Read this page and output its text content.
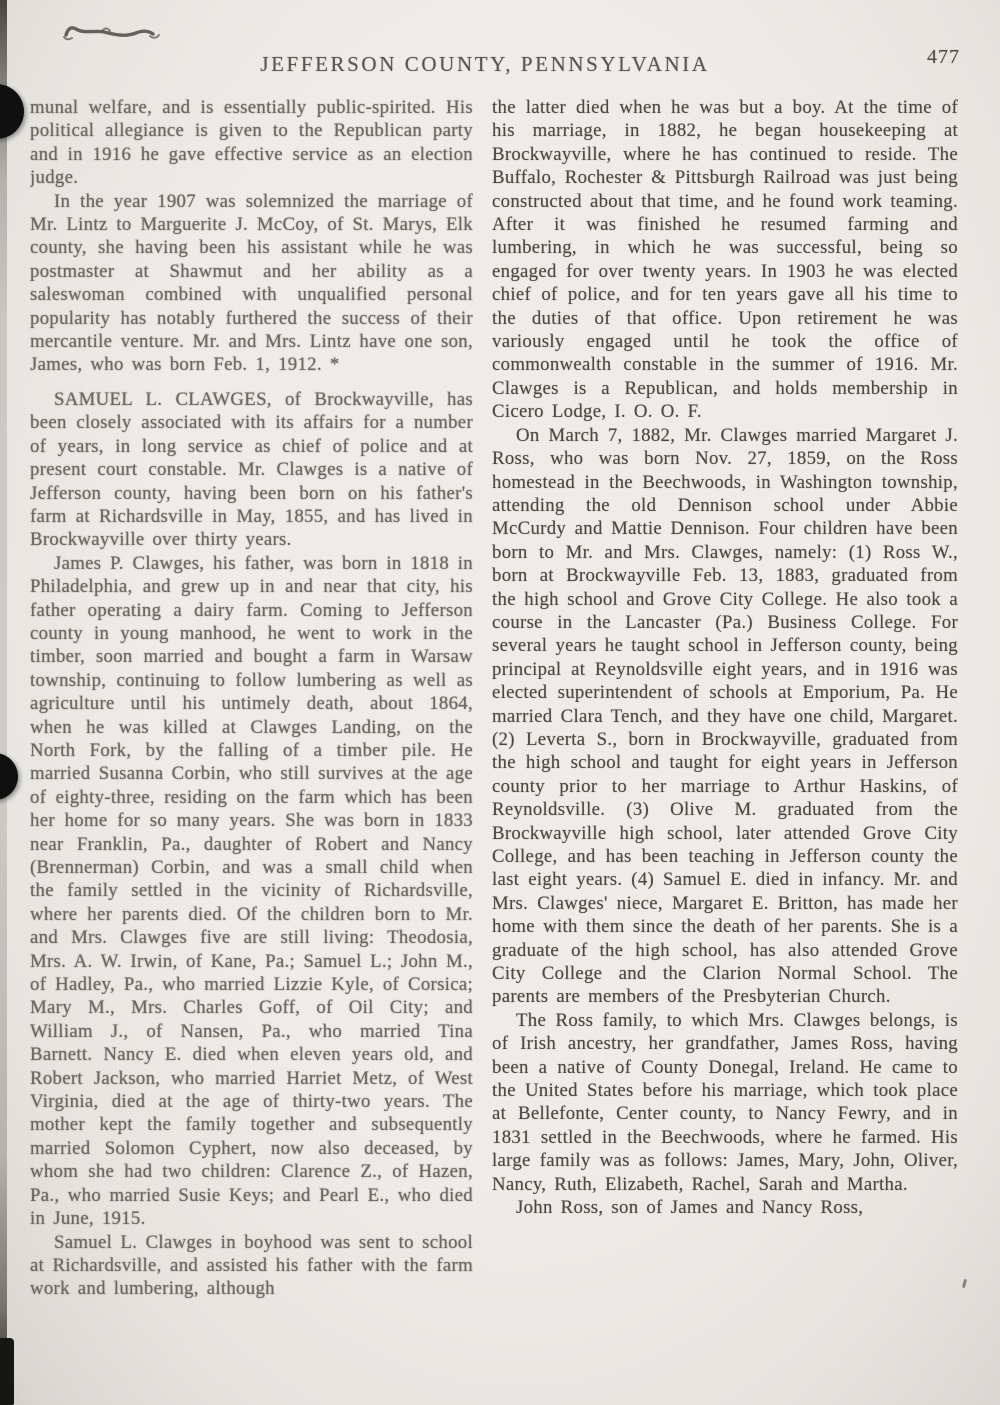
JEFFERSON COUNTY, PENNSYLVANIA	477

munal welfare, and is essentially public-spirited. His political allegiance is given to the Republican party and in 1916 he gave effective service as an election judge.

In the year 1907 was solemnized the marriage of Mr. Lintz to Marguerite J. McCoy, of St. Marys, Elk county, she having been his assistant while he was postmaster at Shawmut and her ability as a saleswoman combined with unqualified personal popularity has notably furthered the success of their mercantile venture. Mr. and Mrs. Lintz have one son, James, who was born Feb. 1, 1912. *

SAMUEL L. CLAWGES, of Brockwayville, has been closely associated with its affairs for a number of years, in long service as chief of police and at present court constable. Mr. Clawges is a native of Jefferson county, having been born on his father's farm at Richardsville in May, 1855, and has lived in Brockwayville over thirty years.

James P. Clawges, his father, was born in 1818 in Philadelphia, and grew up in and near that city, his father operating a dairy farm. Coming to Jefferson county in young manhood, he went to work in the timber, soon married and bought a farm in Warsaw township, continuing to follow lumbering as well as agriculture until his untimely death, about 1864, when he was killed at Clawges Landing, on the North Fork, by the falling of a timber pile. He married Susanna Corbin, who still survives at the age of eighty-three, residing on the farm which has been her home for so many years. She was born in 1833 near Franklin, Pa., daughter of Robert and Nancy (Brennerman) Corbin, and was a small child when the family settled in the vicinity of Richardsville, where her parents died. Of the children born to Mr. and Mrs. Clawges five are still living: Theodosia, Mrs. A. W. Irwin, of Kane, Pa.; Samuel L.; John M., of Hadley, Pa., who married Lizzie Kyle, of Corsica; Mary M., Mrs. Charles Goff, of Oil City; and William J., of Nansen, Pa., who married Tina Barnett. Nancy E. died when eleven years old, and Robert Jackson, who married Harriet Metz, of West Virginia, died at the age of thirty-two years. The mother kept the family together and subsequently married Solomon Cyphert, now also deceased, by whom she had two children: Clarence Z., of Hazen, Pa., who married Susie Keys; and Pearl E., who died in June, 1915.

Samuel L. Clawges in boyhood was sent to school at Richardsville, and assisted his father with the farm work and lumbering, although

the latter died when he was but a boy. At the time of his marriage, in 1882, he began housekeeping at Brockwayville, where he has continued to reside. The Buffalo, Rochester & Pittsburgh Railroad was just being constructed about that time, and he found work teaming. After it was finished he resumed farming and lumbering, in which he was successful, being so engaged for over twenty years. In 1903 he was elected chief of police, and for ten years gave all his time to the duties of that office. Upon retirement he was variously engaged until he took the office of commonwealth constable in the summer of 1916. Mr. Clawges is a Republican, and holds membership in Cicero Lodge, I. O. O. F.

On March 7, 1882, Mr. Clawges married Margaret J. Ross, who was born Nov. 27, 1859, on the Ross homestead in the Beechwoods, in Washington township, attending the old Dennison school under Abbie McCurdy and Mattie Dennison. Four children have been born to Mr. and Mrs. Clawges, namely: (1) Ross W., born at Brockwayville Feb. 13, 1883, graduated from the high school and Grove City College. He also took a course in the Lancaster (Pa.) Business College. For several years he taught school in Jefferson county, being principal at Reynoldsville eight years, and in 1916 was elected superintendent of schools at Emporium, Pa. He married Clara Tench, and they have one child, Margaret. (2) Leverta S., born in Brockwayville, graduated from the high school and taught for eight years in Jefferson county prior to her marriage to Arthur Haskins, of Reynoldsville. (3) Olive M. graduated from the Brockwayville high school, later attended Grove City College, and has been teaching in Jefferson county the last eight years. (4) Samuel E. died in infancy. Mr. and Mrs. Clawges' niece, Margaret E. Britton, has made her home with them since the death of her parents. She is a graduate of the high school, has also attended Grove City College and the Clarion Normal School. The parents are members of the Presbyterian Church.

The Ross family, to which Mrs. Clawges belongs, is of Irish ancestry, her grandfather, James Ross, having been a native of County Donegal, Ireland. He came to the United States before his marriage, which took place at Bellefonte, Center county, to Nancy Fewry, and in 1831 settled in the Beechwoods, where he farmed. His large family was as follows: James, Mary, John, Oliver, Nancy, Ruth, Elizabeth, Rachel, Sarah and Martha.

John Ross, son of James and Nancy Ross,
